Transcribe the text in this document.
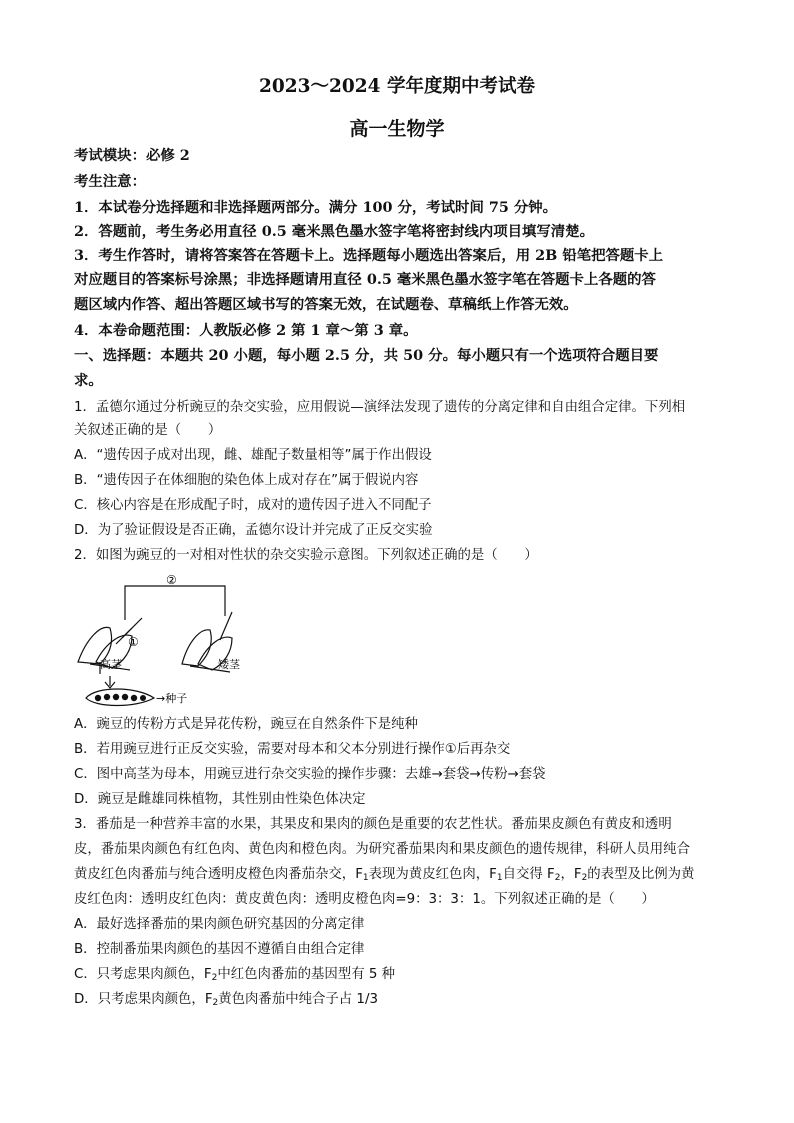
2023～2024 学年度期中考试卷
高一生物学
考试模块：必修 2
考生注意：
1．本试卷分选择题和非选择题两部分。满分 100 分，考试时间 75 分钟。
2．答题前，考生务必用直径 0.5 毫米黑色墨水签字笔将密封线内项目填写清楚。
3．考生作答时，请将答案答在答题卡上。选择题每小题选出答案后，用 2B 铅笔把答题卡上
对应题目的答案标号涂黑；非选择题请用直径 0.5 毫米黑色墨水签字笔在答题卡上各题的答
题区域内作答、超出答题区域书写的答案无效，在试题卷、草稿纸上作答无效。
4．本卷命题范围：人教版必修 2 第 1 章～第 3 章。
一、选择题：本题共 20 小题，每小题 2.5 分，共 50 分。每小题只有一个选项符合题目要
求。
1．孟德尔通过分析豌豆的杂交实验，应用假说—演绎法发现了遗传的分离定律和自由组合定律。下列相
关叙述正确的是（　　）
A．“遗传因子成对出现，雌、雄配子数量相等”属于作出假设
B．“遗传因子在体细胞的染色体上成对存在”属于假说内容
C．核心内容是在形成配子时，成对的遗传因子进入不同配子
D．为了验证假设是否正确，孟德尔设计并完成了正反交实验
2．如图为豌豆的一对相对性状的杂交实验示意图。下列叙述正确的是（　　）
②
①
高茎	矮茎
→种子
A．豌豆的传粉方式是异花传粉，豌豆在自然条件下是纯种
B．若用豌豆进行正反交实验，需要对母本和父本分别进行操作①后再杂交
C．图中高茎为母本，用豌豆进行杂交实验的操作步骤：去雄→套袋→传粉→套袋
D．豌豆是雌雄同株植物，其性别由性染色体决定
3．番茄是一种营养丰富的水果，其果皮和果肉的颜色是重要的农艺性状。番茄果皮颜色有黄皮和透明
皮，番茄果肉颜色有红色肉、黄色肉和橙色肉。为研究番茄果肉和果皮颜色的遗传规律，科研人员用纯合
黄皮红色肉番茄与纯合透明皮橙色肉番茄杂交，$F_1$表现为黄皮红色肉，$F_1$自交得 $F_2$，$F_2$的表型及比例为黄
皮红色肉：透明皮红色肉：黄皮黄色肉：透明皮橙色肉=9：3：3：1。下列叙述正确的是（　　）
A．最好选择番茄的果肉颜色研究基因的分离定律
B．控制番茄果肉颜色的基因不遵循自由组合定律
C．只考虑果肉颜色，$F_2$中红色肉番茄的基因型有 5 种
D．只考虑果肉颜色，$F_2$黄色肉番茄中纯合子占 1/3
